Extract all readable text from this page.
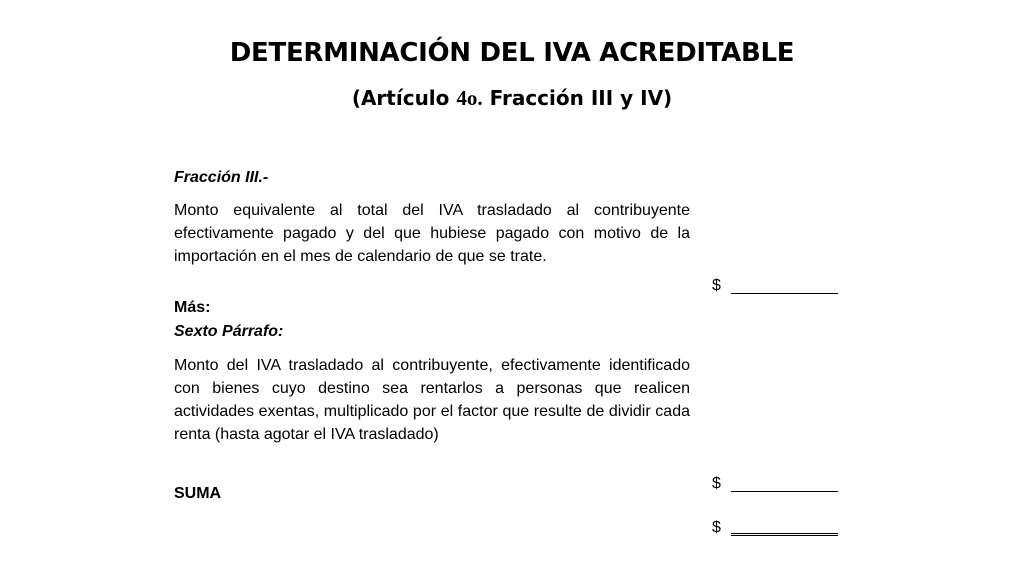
DETERMINACIÓN DEL IVA ACREDITABLE
(Artículo 4o. Fracción III y IV)
Fracción III.-
Monto equivalente al total del IVA trasladado al contribuyente efectivamente pagado y del que hubiese pagado con motivo de la importación en el mes de calendario de que se trate.
Más:
Sexto Párrafo:
Monto del IVA trasladado al contribuyente, efectivamente identificado con bienes cuyo destino sea rentarlos a personas que realicen actividades exentas, multiplicado por el factor que resulte de dividir cada renta (hasta agotar el IVA trasladado)
SUMA
$
$
$
